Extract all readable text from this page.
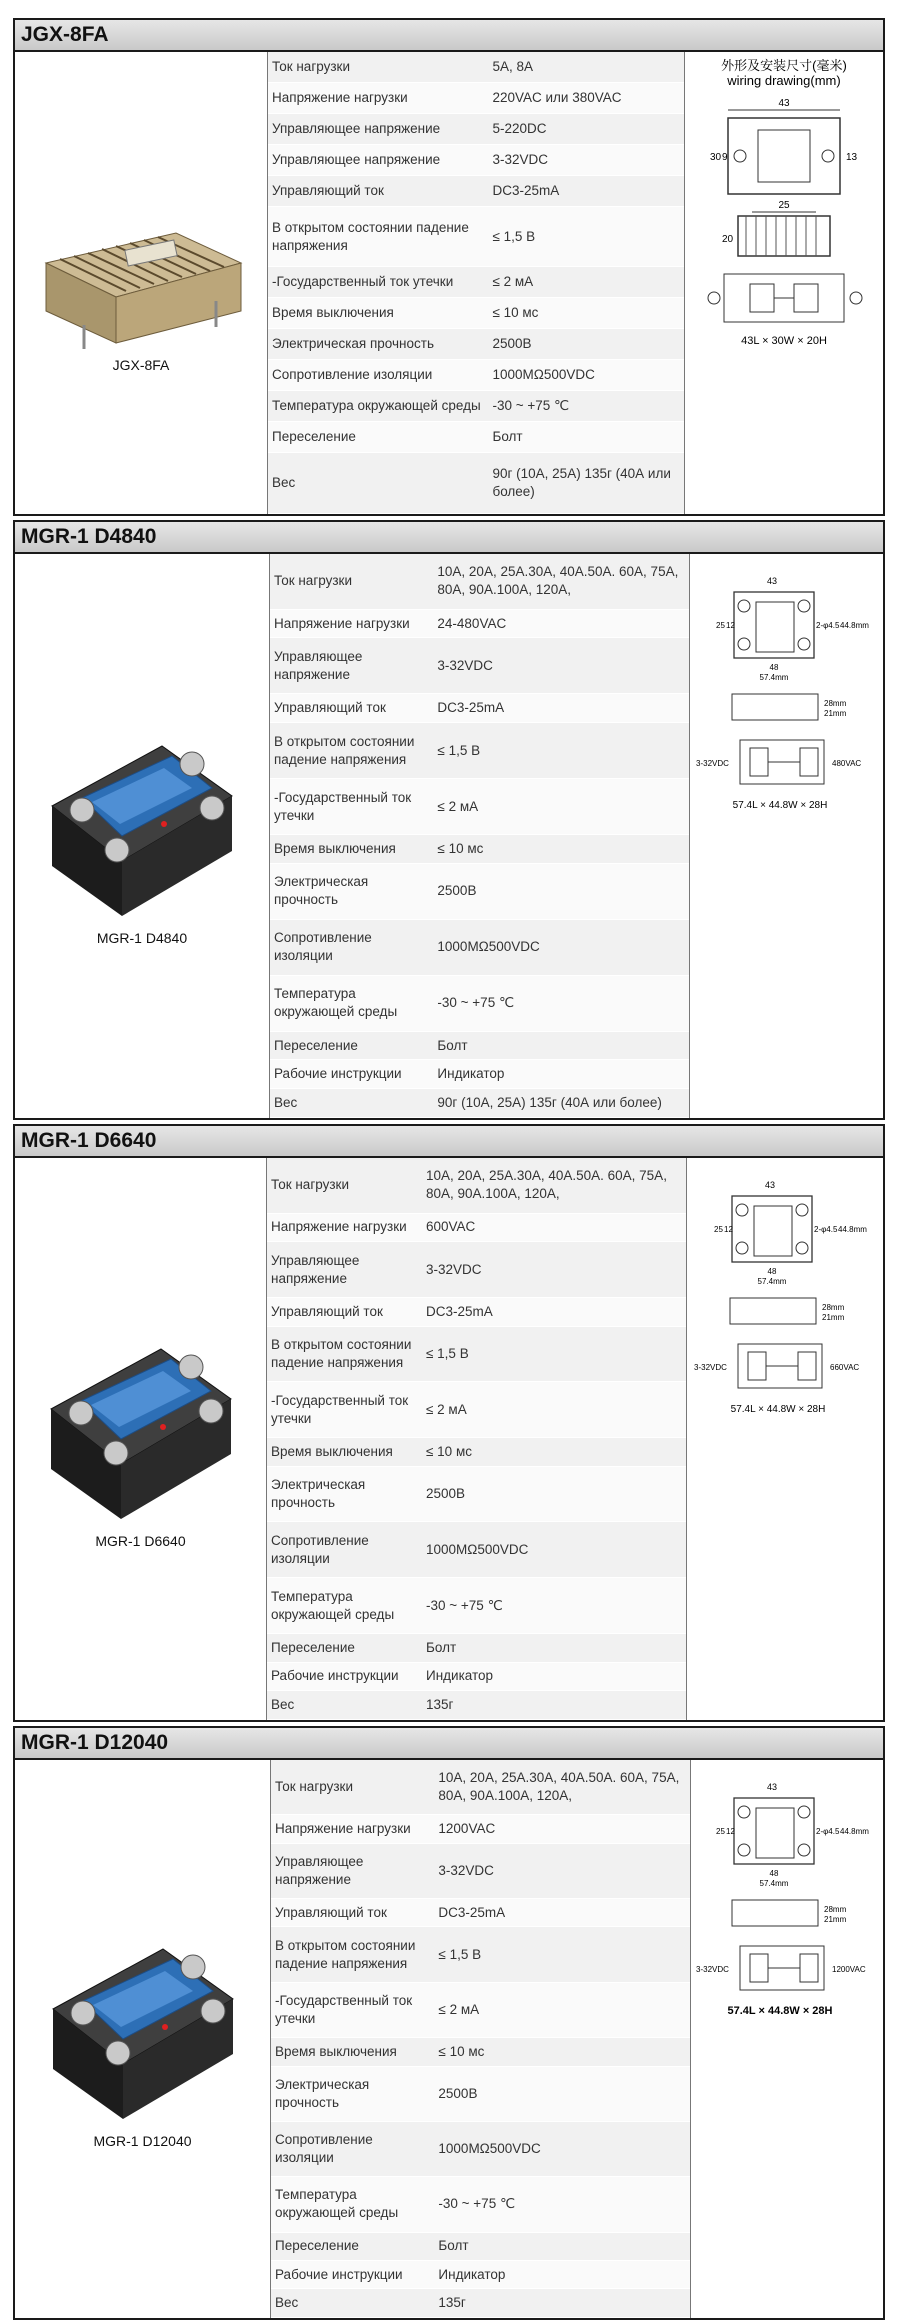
JGX-8FA
JGX-8FA
Ток нагрузки	5A, 8A
Напряжение нагрузки	220VAC или 380VAC
Управляющее напряжение	5-220DC
Управляющее напряжение	3-32VDC
Управляющий ток	DC3-25mA
В открытом состоянии падение напряжения	≤ 1,5 В
-Государственный ток утечки	≤ 2 мА
Время выключения	≤ 10 мс
Электрическая прочность	2500В
Сопротивление изоляции	1000MΩ500VDC
Температура окружающей среды	-30 ~ +75 ℃
Переселение	Болт
Вес	90г (10А, 25А) 135г (40А или более)
外形及安装尺寸(毫米)
wiring drawing(mm)
43
30 9	13
25
20
43L × 30W × 20H
MGR-1 D4840
MGR-1 D4840
Ток нагрузки	10A, 20A, 25A.30A, 40A.50A. 60A, 75A, 80A, 90A.100A, 120A,
Напряжение нагрузки	24-480VAC
Управляющее напряжение	3-32VDC
Управляющий ток	DC3-25mA
В открытом состоянии падение напряжения	≤ 1,5 В
-Государственный ток утечки	≤ 2 мА
Время выключения	≤ 10 мс
Электрическая прочность	2500В
Сопротивление изоляции	1000MΩ500VDC
Температура окружающей среды	-30 ~ +75 ℃
Переселение	Болт
Рабочие инструкции	Индикатор
Вес	90г (10А, 25А) 135г (40А или более)
43
25 12	2-φ4.5 44.8mm
48
57.4mm
28mm
21mm
3-32VDC	480VAC
57.4L × 44.8W × 28H
MGR-1 D6640
MGR-1 D6640
Ток нагрузки	10A, 20A, 25A.30A, 40A.50A. 60A, 75A, 80A, 90A.100A, 120A,
Напряжение нагрузки	600VAC
Управляющее напряжение	3-32VDC
Управляющий ток	DC3-25mA
В открытом состоянии падение напряжения	≤ 1,5 В
-Государственный ток утечки	≤ 2 мА
Время выключения	≤ 10 мс
Электрическая прочность	2500В
Сопротивление изоляции	1000MΩ500VDC
Температура окружающей среды	-30 ~ +75 ℃
Переселение	Болт
Рабочие инструкции	Индикатор
Вес	135г
43
25 12	2-φ4.5 44.8mm
48
57.4mm
28mm
21mm
3-32VDC	660VAC
57.4L × 44.8W × 28H
MGR-1 D12040
MGR-1 D12040
Ток нагрузки	10A, 20A, 25A.30A, 40A.50A. 60A, 75A, 80A, 90A.100A, 120A,
Напряжение нагрузки	1200VAC
Управляющее напряжение	3-32VDC
Управляющий ток	DC3-25mA
В открытом состоянии падение напряжения	≤ 1,5 В
-Государственный ток утечки	≤ 2 мА
Время выключения	≤ 10 мс
Электрическая прочность	2500В
Сопротивление изоляции	1000MΩ500VDC
Температура окружающей среды	-30 ~ +75 ℃
Переселение	Болт
Рабочие инструкции	Индикатор
Вес	135г
43
25 12	2-φ4.5 44.8mm
48
57.4mm
28mm
21mm
3-32VDC	1200VAC
57.4L × 44.8W × 28H
